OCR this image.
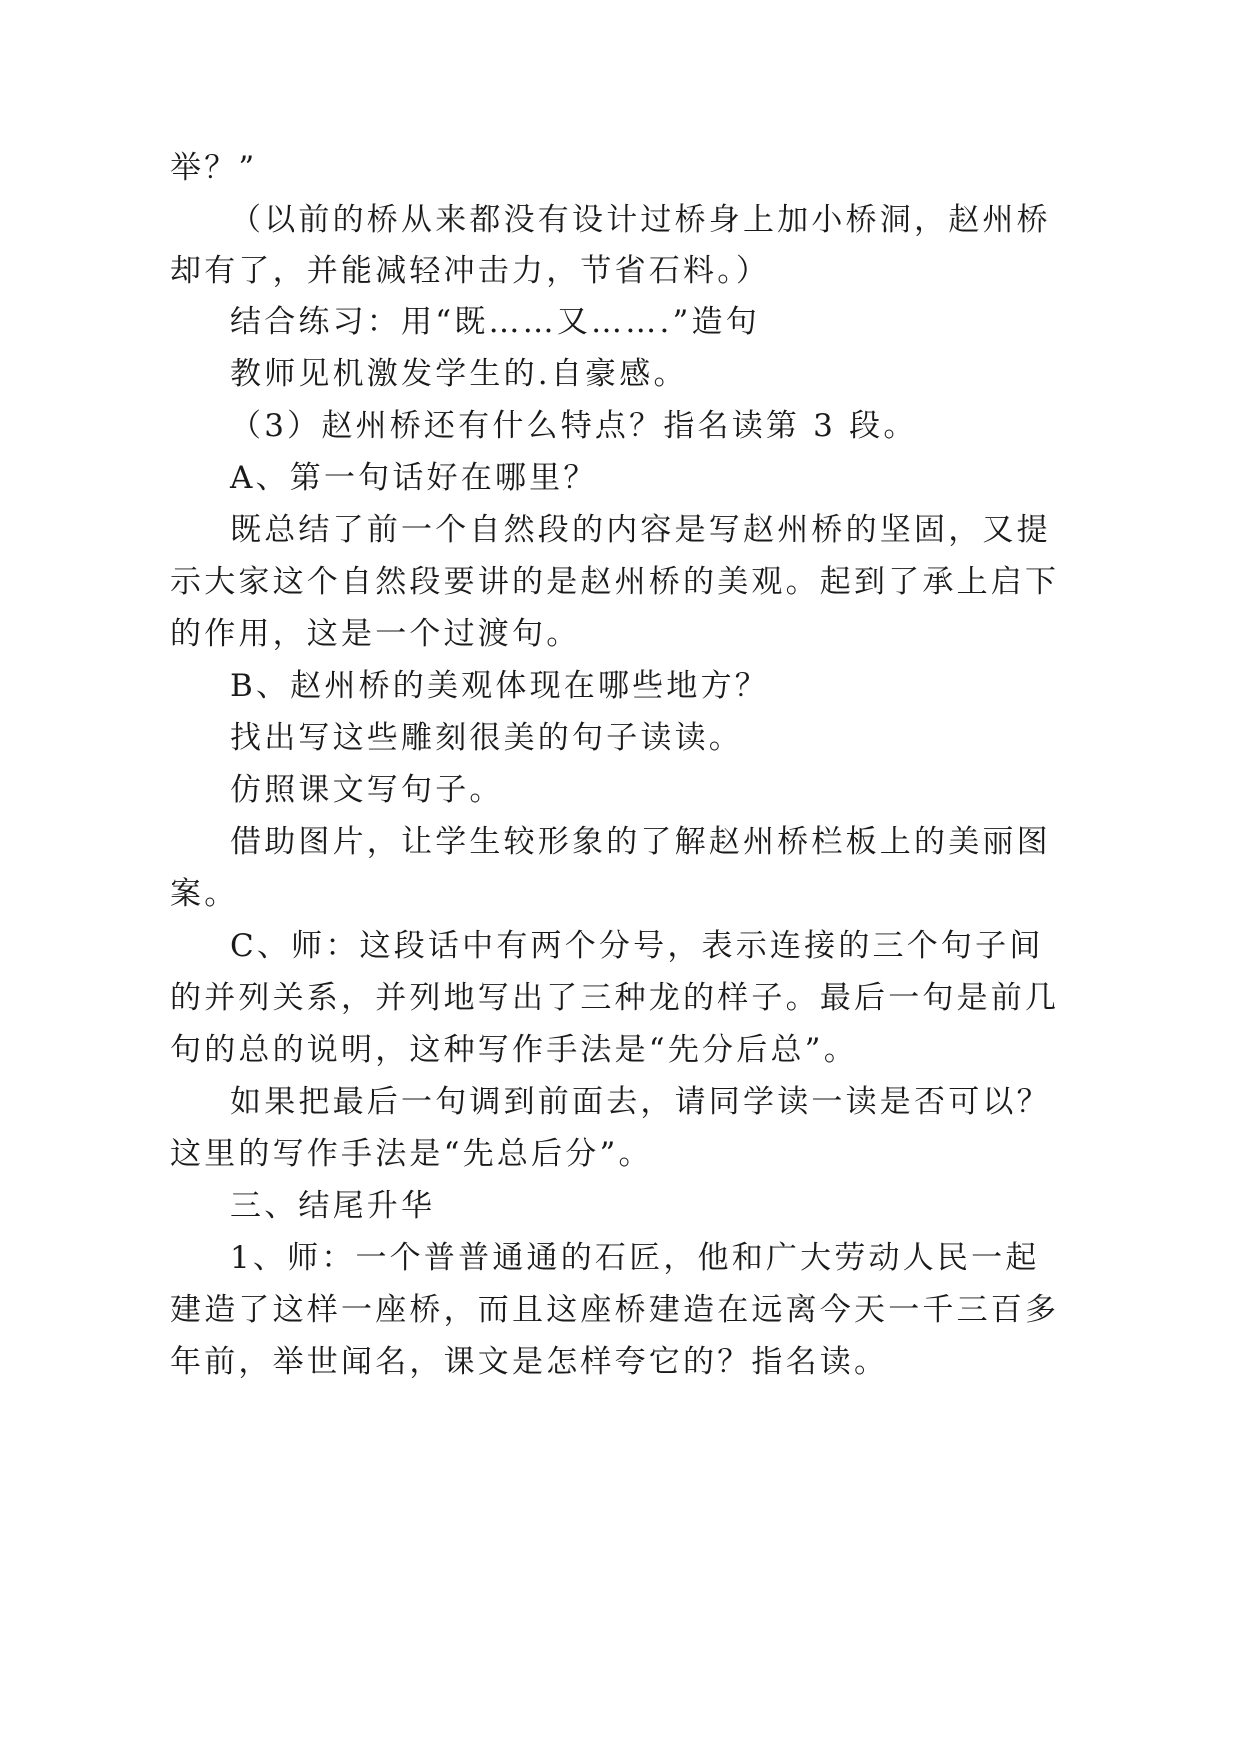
举？”
（以前的桥从来都没有设计过桥身上加小桥洞，赵州桥
却有了，并能减轻冲击力，节省石料。）
结合练习：用“既……又…….”造句
教师见机激发学生的.自豪感。
（3）赵州桥还有什么特点？指名读第 3 段。
A、第一句话好在哪里？
既总结了前一个自然段的内容是写赵州桥的坚固，又提
示大家这个自然段要讲的是赵州桥的美观。起到了承上启下
的作用，这是一个过渡句。
B、赵州桥的美观体现在哪些地方？
找出写这些雕刻很美的句子读读。
仿照课文写句子。
借助图片，让学生较形象的了解赵州桥栏板上的美丽图
案。
C、师：这段话中有两个分号，表示连接的三个句子间
的并列关系，并列地写出了三种龙的样子。最后一句是前几
句的总的说明，这种写作手法是“先分后总”。
如果把最后一句调到前面去，请同学读一读是否可以？
这里的写作手法是“先总后分”。
三、结尾升华
1、师：一个普普通通的石匠，他和广大劳动人民一起
建造了这样一座桥，而且这座桥建造在远离今天一千三百多
年前，举世闻名，课文是怎样夸它的？指名读。
